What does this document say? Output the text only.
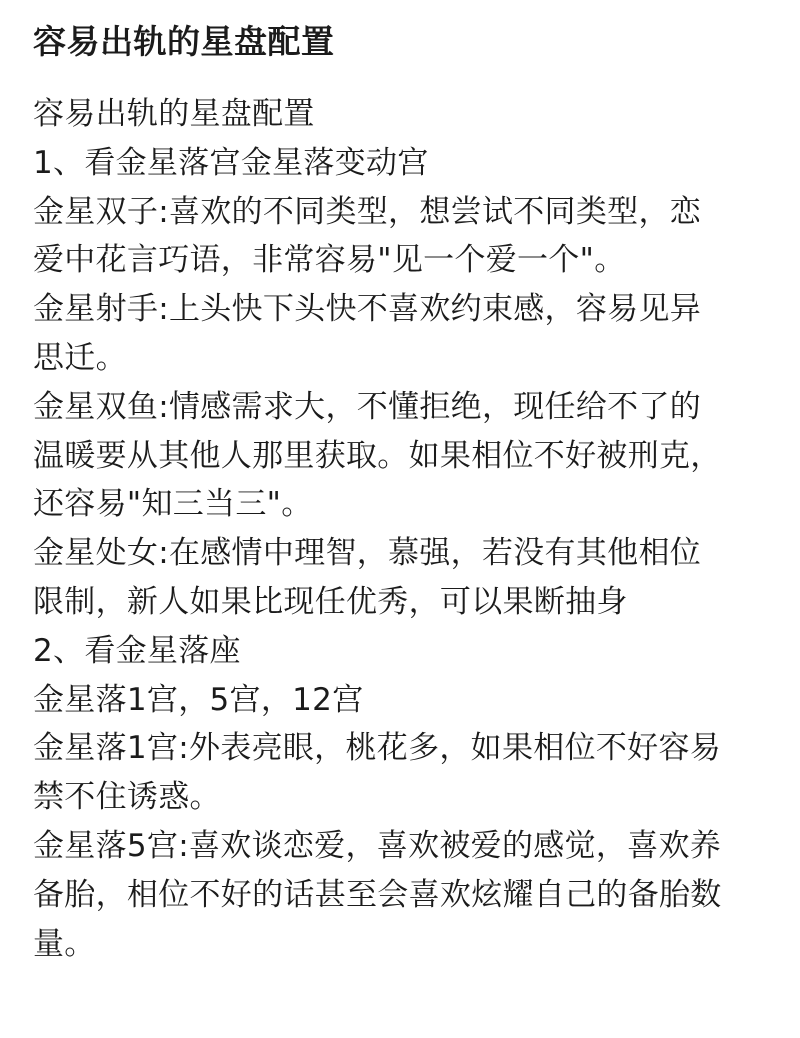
容易出轨的星盘配置
容易出轨的星盘配置
1、看金星落宫金星落变动宫
金星双子:喜欢的不同类型，想尝试不同类型，恋
爱中花言巧语，非常容易"见一个爱一个"。
金星射手:上头快下头快不喜欢约束感，容易见异
思迁。
金星双鱼:情感需求大，不懂拒绝，现任给不了的
温暖要从其他人那里获取。如果相位不好被刑克，
还容易"知三当三"。
金星处女:在感情中理智，慕强，若没有其他相位
限制，新人如果比现任优秀，可以果断抽身
2、看金星落座
金星落1宫，5宫，12宫
金星落1宫:外表亮眼，桃花多，如果相位不好容易
禁不住诱惑。
金星落5宫:喜欢谈恋爱，喜欢被爱的感觉，喜欢养
备胎，相位不好的话甚至会喜欢炫耀自己的备胎数
量。
